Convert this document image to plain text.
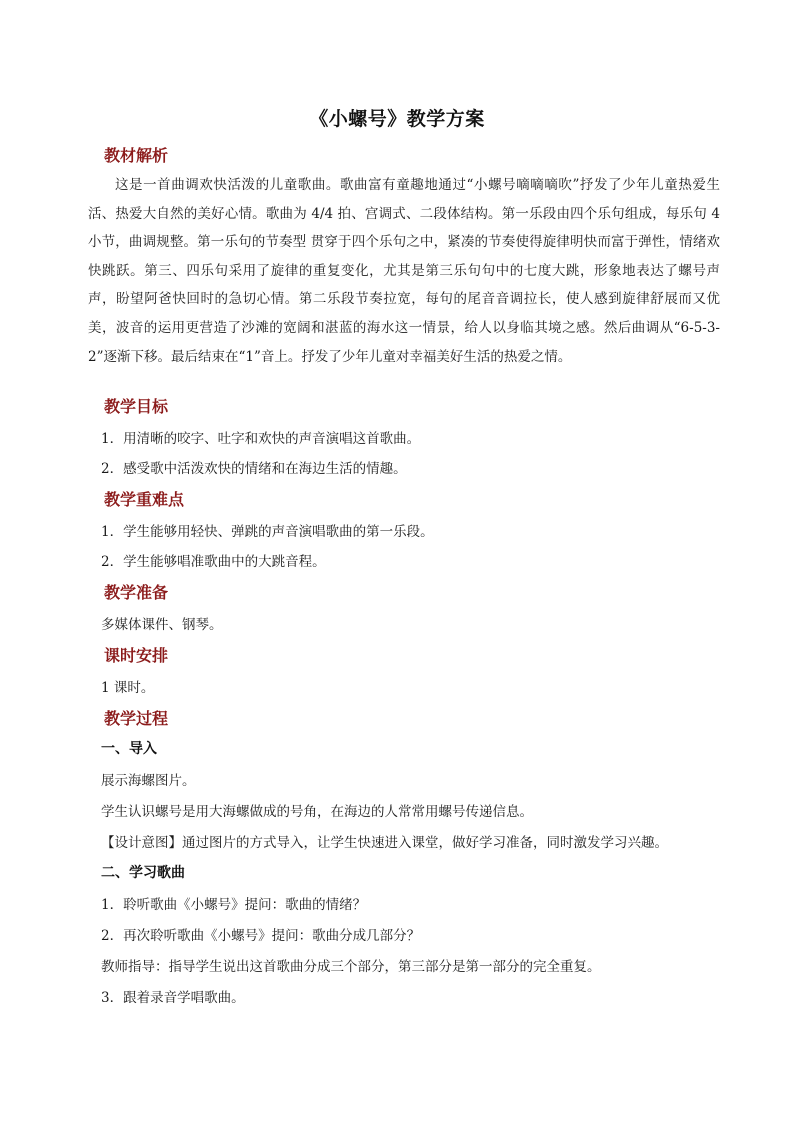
《小螺号》教学方案
教材解析
这是一首曲调欢快活泼的儿童歌曲。歌曲富有童趣地通过“小螺号嘀嘀嘀吹”抒发了少年儿童热爱生活、热爱大自然的美好心情。歌曲为 4/4 拍、宫调式、二段体结构。第一乐段由四个乐句组成，每乐句 4 小节，曲调规整。第一乐句的节奏型 贯穿于四个乐句之中，紧凑的节奏使得旋律明快而富于弹性，情绪欢快跳跃。第三、四乐句采用了旋律的重复变化，尤其是第三乐句句中的七度大跳，形象地表达了螺号声声，盼望阿爸快回时的急切心情。第二乐段节奏拉宽，每句的尾音音调拉长，使人感到旋律舒展而又优美，波音的运用更营造了沙滩的宽阔和湛蓝的海水这一情景，给人以身临其境之感。然后曲调从“6-5-3-2”逐渐下移。最后结束在“1”音上。抒发了少年儿童对幸福美好生活的热爱之情。
教学目标
1．用清晰的咬字、吐字和欢快的声音演唱这首歌曲。
2．感受歌中活泼欢快的情绪和在海边生活的情趣。
教学重难点
1．学生能够用轻快、弹跳的声音演唱歌曲的第一乐段。
2．学生能够唱准歌曲中的大跳音程。
教学准备
多媒体课件、钢琴。
课时安排
1 课时。
教学过程
一、导入
展示海螺图片。
学生认识螺号是用大海螺做成的号角，在海边的人常常用螺号传递信息。
【设计意图】通过图片的方式导入，让学生快速进入课堂，做好学习准备，同时激发学习兴趣。
二、学习歌曲
1．聆听歌曲《小螺号》提问：歌曲的情绪？
2．再次聆听歌曲《小螺号》提问：歌曲分成几部分？
教师指导：指导学生说出这首歌曲分成三个部分，第三部分是第一部分的完全重复。
3．跟着录音学唱歌曲。
